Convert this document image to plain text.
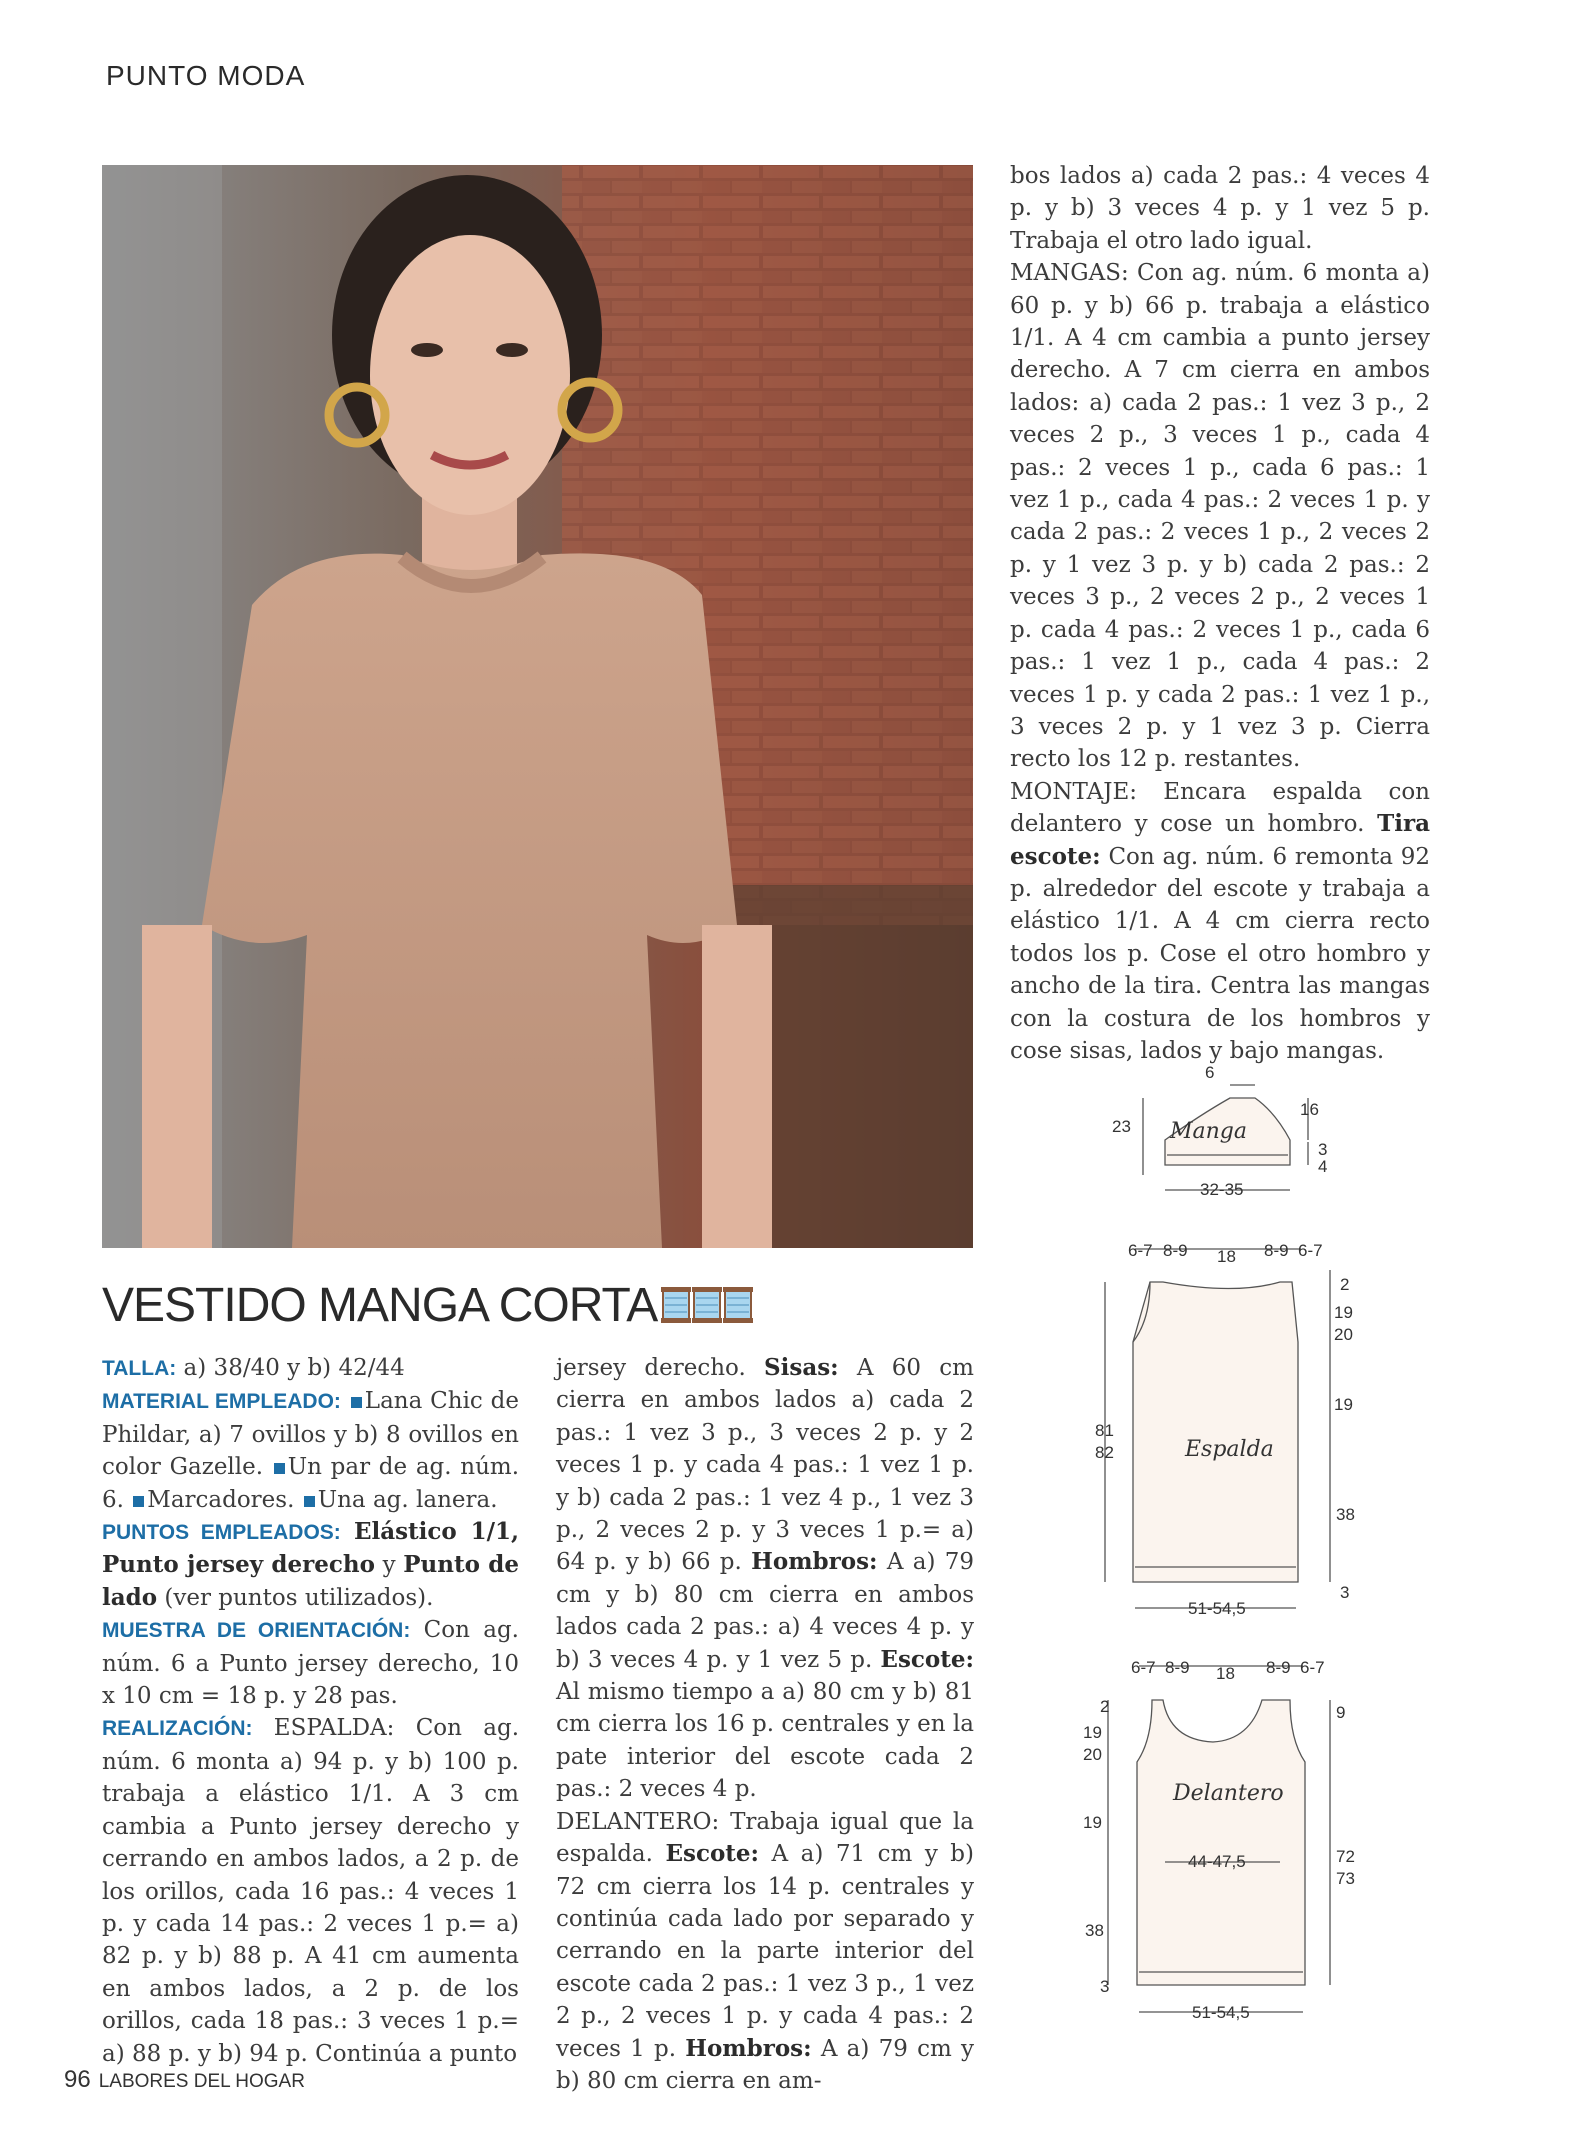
PUNTO MODA

bos lados a) cada 2 pas.: 4 veces 4 p. y b) 3 veces 4 p. y 1 vez 5 p. Trabaja el otro lado igual.

MANGAS: Con ag. núm. 6 monta a) 60 p. y b) 66 p. trabaja a elástico 1/1. A 4 cm cambia a punto jersey derecho. A 7 cm cierra en ambos lados: a) cada 2 pas.: 1 vez 3 p., 2 veces 2 p., 3 veces 1 p., cada 4 pas.: 2 veces 1 p., cada 6 pas.: 1 vez 1 p., cada 4 pas.: 2 veces 1 p. y cada 2 pas.: 2 veces 1 p., 2 veces 2 p. y 1 vez 3 p. y b) cada 2 pas.: 2 veces 3 p., 2 veces 2 p., 2 veces 1 p. cada 4 pas.: 2 veces 1 p., cada 6 pas.: 1 vez 1 p., cada 4 pas.: 2 veces 1 p. y cada 2 pas.: 1 vez 1 p., 3 veces 2 p. y 1 vez 3 p. Cierra recto los 12 p. restantes.

MONTAJE: Encara espalda con delantero y cose un hombro. Tira escote: Con ag. núm. 6 remonta 92 p. alrededor del escote y trabaja a elástico 1/1. A 4 cm cierra recto todos los p. Cose el otro hombro y ancho de la tira. Centra las mangas con la costura de los hombros y cose sisas, lados y bajo mangas.

VESTIDO MANGA CORTA

TALLA: a) 38/40 y b) 42/44

MATERIAL EMPLEADO: Lana Chic de Phildar, a) 7 ovillos y b) 8 ovillos en color Gazelle. Un par de ag. núm. 6. Marcadores. Una ag. lanera.

PUNTOS EMPLEADOS: Elástico 1/1, Punto jersey derecho y Punto de lado (ver puntos utilizados).

MUESTRA DE ORIENTACIÓN: Con ag. núm. 6 a Punto jersey derecho, 10 x 10 cm = 18 p. y 28 pas.

REALIZACIÓN: ESPALDA: Con ag. núm. 6 monta a) 94 p. y b) 100 p. trabaja a elástico 1/1. A 3 cm cambia a Punto jersey derecho y cerrando en ambos lados, a 2 p. de los orillos, cada 16 pas.: 4 veces 1 p. y cada 14 pas.: 2 veces 1 p.= a) 82 p. y b) 88 p. A 41 cm aumenta en ambos lados, a 2 p. de los orillos, cada 18 pas.: 3 veces 1 p.= a) 88 p. y b) 94 p. Continúa a punto

jersey derecho. Sisas: A 60 cm cierra en ambos lados a) cada 2 pas.: 1 vez 3 p., 3 veces 2 p. y 2 veces 1 p. y cada 4 pas.: 1 vez 1 p. y b) cada 2 pas.: 1 vez 4 p., 1 vez 3 p., 2 veces 2 p. y 3 veces 1 p.= a) 64 p. y b) 66 p. Hombros: A a) 79 cm y b) 80 cm cierra en ambos lados cada 2 pas.: a) 4 veces 4 p. y b) 3 veces 4 p. y 1 vez 5 p. Escote: Al mismo tiempo a a) 80 cm y b) 81 cm cierra los 16 p. centrales y en la pate interior del escote cada 2 pas.: 2 veces 4 p.

DELANTERO: Trabaja igual que la espalda. Escote: A a) 71 cm y b) 72 cm cierra los 14 p. centrales y continúa cada lado por separado y cerrando en la parte interior del escote cada 2 pas.: 1 vez 3 p., 1 vez 2 p., 2 veces 1 p. y cada 4 pas.: 2 veces 1 p. Hombros: A a) 79 cm y b) 80 cm cierra en am-

6
Manga
23
16
3
4
32-35
6-7 8-9 18 8-9 6-7
2
19
20
19
38
3
81
82	Espalda
51-54,5
6-7 8-9 18 8-9 6-7
2
19
20
19
38
3
9
72
73
Delantero
44-47,5
51-54,5
96 LABORES DEL HOGAR
